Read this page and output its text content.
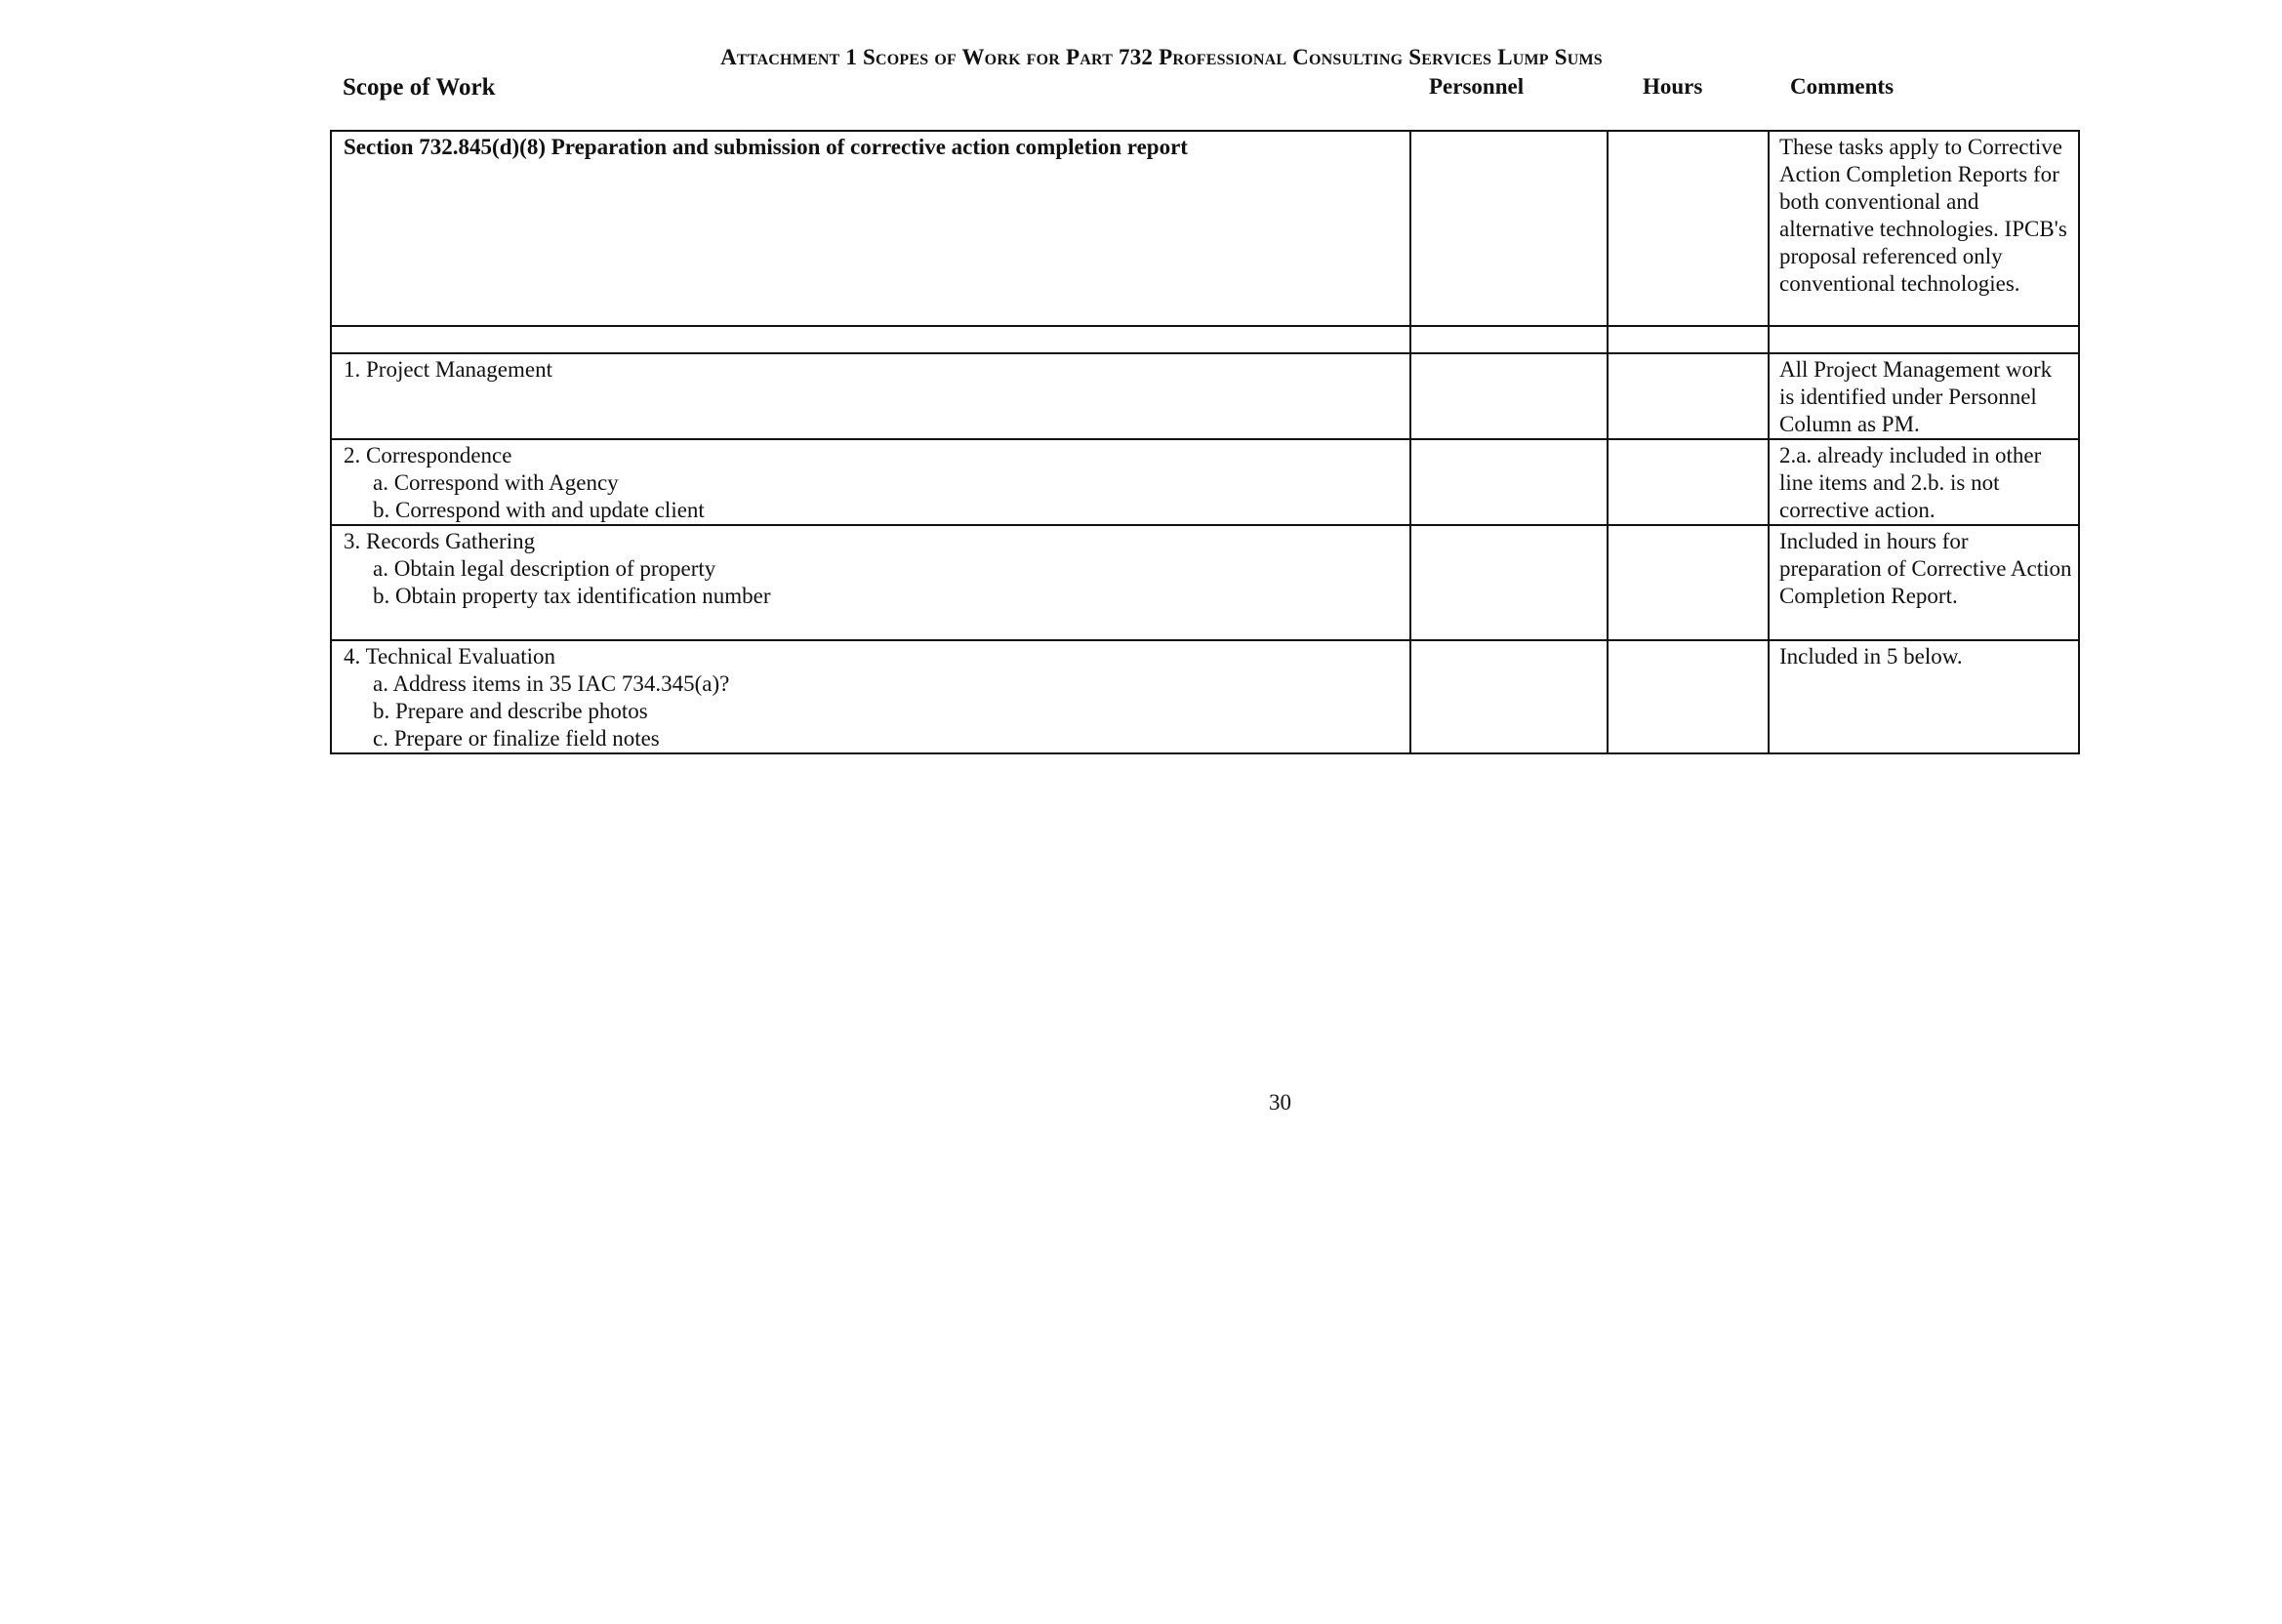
Attachment 1 Scopes of Work for Part 732 Professional Consulting Services Lump Sums
Scope of Work	Personnel	Hours	Comments
Section 732.845(d)(8) Preparation and submission of corrective action completion report			These tasks apply to Corrective Action Completion Reports for both conventional and alternative technologies. IPCB's proposal referenced only conventional technologies.

1. Project Management			All Project Management work is identified under Personnel Column as PM.

2. Correspondence
a. Correspond with Agency
b. Correspond with and update client			2.a. already included in other line items and 2.b. is not corrective action.

3. Records Gathering
a. Obtain legal description of property
b. Obtain property tax identification number			Included in hours for preparation of Corrective Action Completion Report.

4. Technical Evaluation
a. Address items in 35 IAC 734.345(a)?
b. Prepare and describe photos
c. Prepare or finalize field notes			Included in 5 below.
30
